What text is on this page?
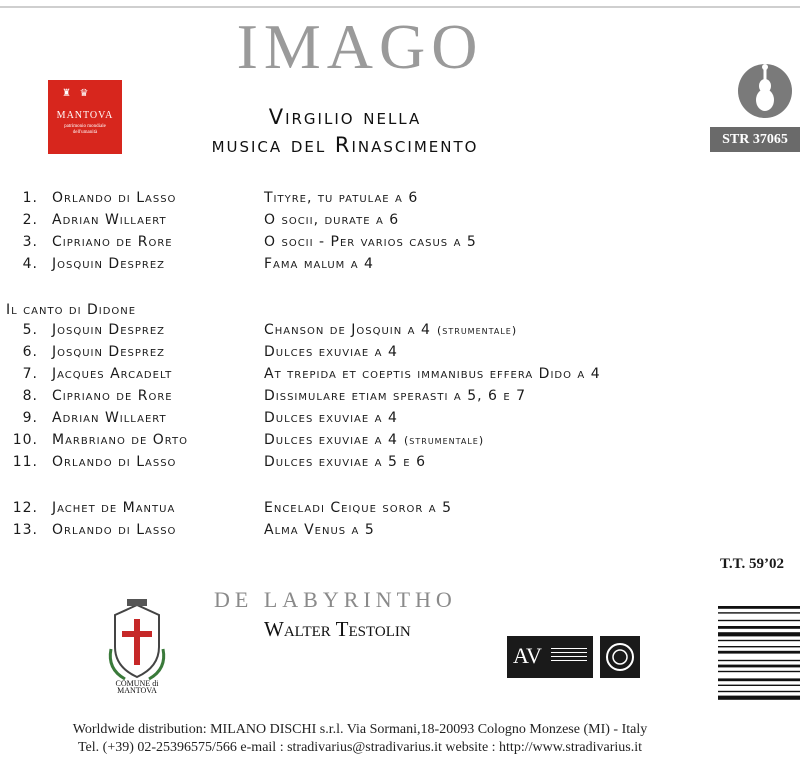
IMAGO
Virgilio nella
musica del Rinascimento
♜ ♛
MANTOVA
patrimonio mondiale dell'umanità	STR 37065
Il canto di Didone
1. Orlando di Lasso	Tityre, tu patulae a 6
2. Adrian Willaert	O socii, durate a 6
3. Cipriano de Rore	O socii - Per varios casus a 5
4. Josquin Desprez	Fama malum a 4
5. Josquin Desprez	Chanson de Josquin a 4 (strumentale)
6. Josquin Desprez	Dulces exuviae a 4
7. Jacques Arcadelt	At trepida et coeptis immanibus effera Dido a 4
8. Cipriano de Rore	Dissimulare etiam sperasti a 5, 6 e 7
9. Adrian Willaert	Dulces exuviae a 4
10. Marbriano de Orto	Dulces exuviae a 4 (strumentale)
11. Orlando di Lasso	Dulces exuviae a 5 e 6
12. Jachet de Mantua	Enceladi Ceique soror a 5
13. Orlando di Lasso	Alma Venus a 5
T.T. 59’02
COMUNE di
MANTOVA
DE LABYRINTHO
Walter Testolin
AV
Worldwide distribution: MILANO DISCHI s.r.l. Via Sormani,18-20093 Cologno Monzese (MI) - Italy
Tel. (+39) 02-25396575/566 e-mail : stradivarius@stradivarius.it website : http://www.stradivarius.it
